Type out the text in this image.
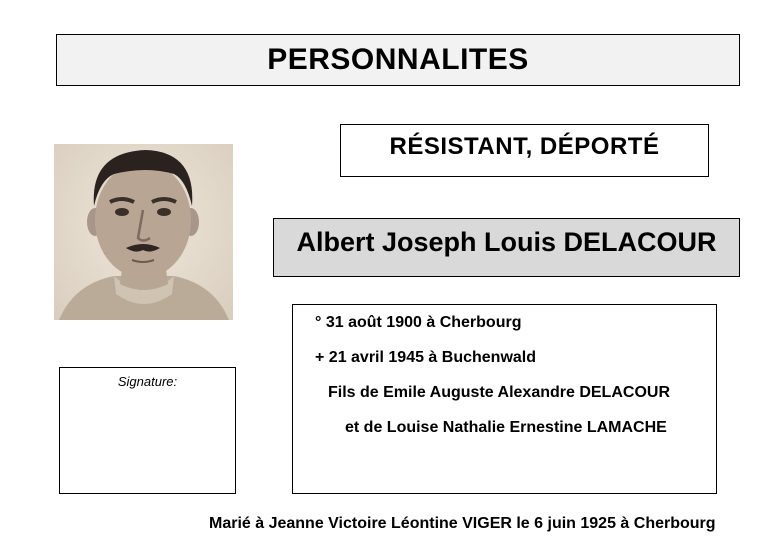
PERSONNALITES
RÉSISTANT, DÉPORTÉ
Albert Joseph Louis DELACOUR
Signature:
° 31 août 1900 à Cherbourg
+ 21 avril 1945 à Buchenwald
Fils de Emile Auguste Alexandre DELACOUR
et de Louise Nathalie Ernestine LAMACHE
Marié à Jeanne Victoire Léontine VIGER le 6 juin 1925 à Cherbourg
